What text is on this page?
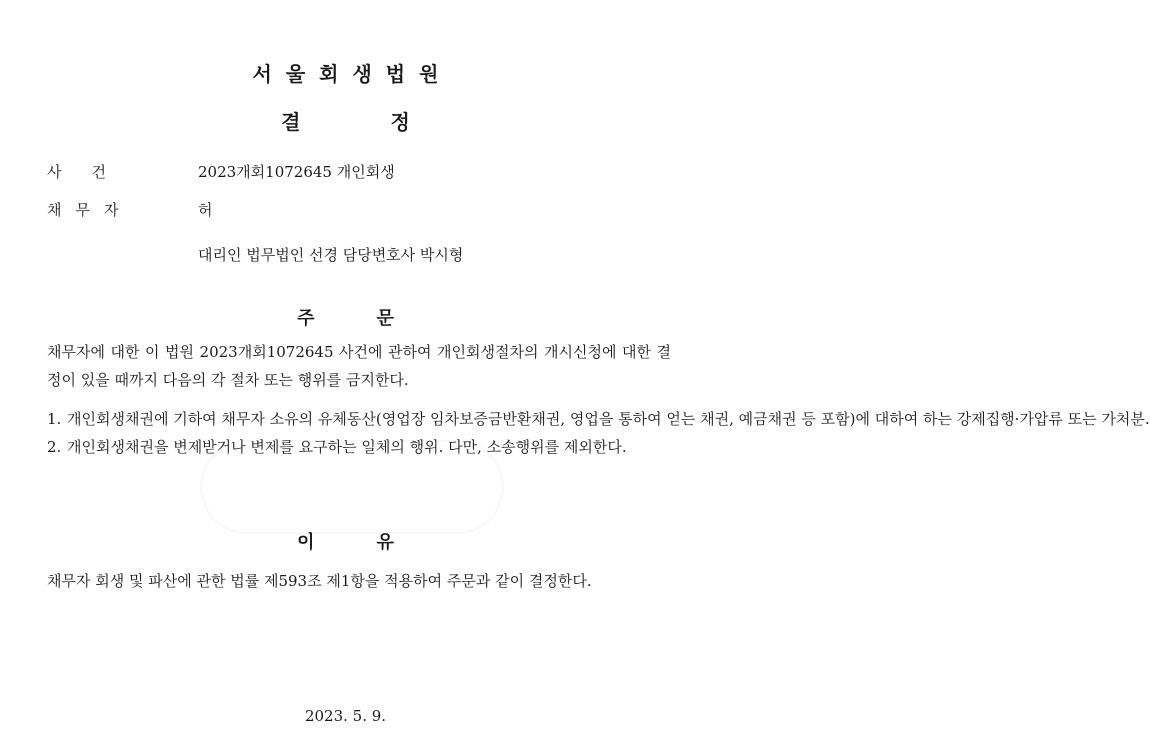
서울회생법원
결정
사건	2023개회1072645 개인회생
채무자	허
대리인 법무법인 선경 담당변호사 박시형
주문
채무자에 대한 이 법원 2023개회1072645 사건에 관하여 개인회생절차의 개시신청에 대한 결정이 있을 때까지 다음의 각 절차 또는 행위를 금지한다.
1. 개인회생채권에 기하여 채무자 소유의 유체동산(영업장 임차보증금반환채권, 영업을 통하여 얻는 채권, 예금채권 등 포함)에 대하여 하는 강제집행·가압류 또는 가처분.
2. 개인회생채권을 변제받거나 변제를 요구하는 일체의 행위. 다만, 소송행위를 제외한다.
이유
채무자 회생 및 파산에 관한 법률 제593조 제1항을 적용하여 주문과 같이 결정한다.
2023. 5. 9.
